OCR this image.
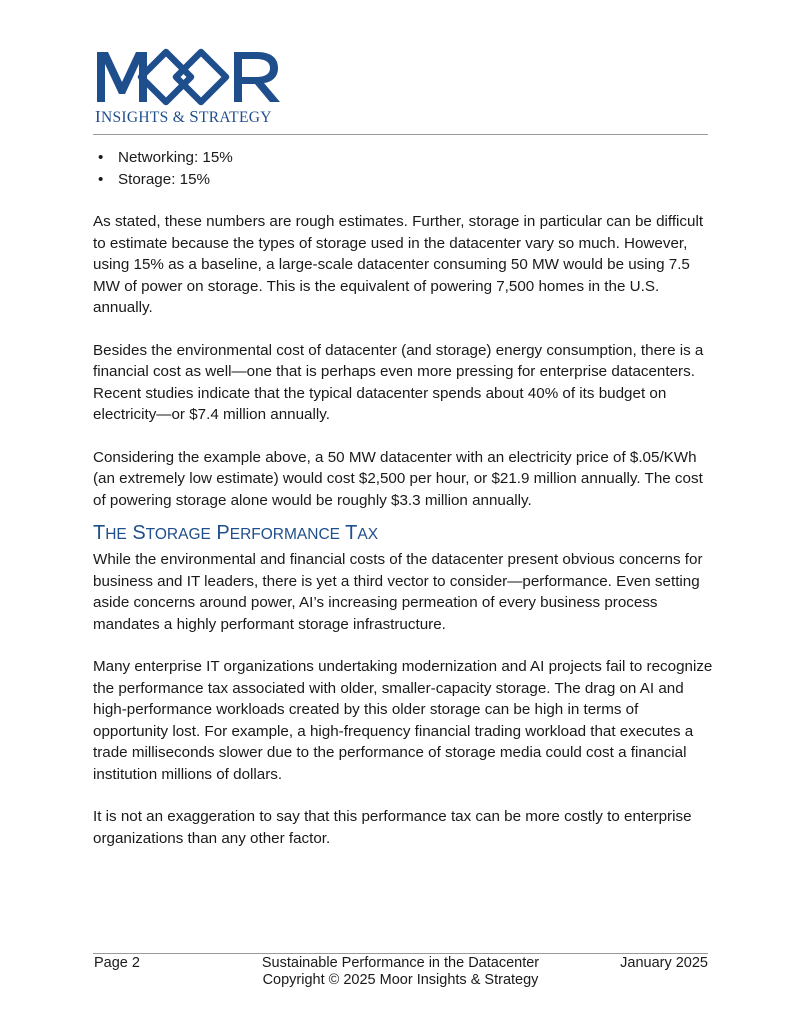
INSIGHTS & STRATEGY
• Networking: 15%
• Storage: 15%

As stated, these numbers are rough estimates. Further, storage in particular can be difficult to estimate because the types of storage used in the datacenter vary so much. However, using 15% as a baseline, a large-scale datacenter consuming 50 MW would be using 7.5 MW of power on storage. This is the equivalent of powering 7,500 homes in the U.S. annually.

Besides the environmental cost of datacenter (and storage) energy consumption, there is a financial cost as well—one that is perhaps even more pressing for enterprise datacenters. Recent studies indicate that the typical datacenter spends about 40% of its budget on electricity—or $7.4 million annually.

Considering the example above, a 50 MW datacenter with an electricity price of $.05/KWh (an extremely low estimate) would cost $2,500 per hour, or $21.9 million annually. The cost of powering storage alone would be roughly $3.3 million annually.

THE STORAGE PERFORMANCE TAX

While the environmental and financial costs of the datacenter present obvious concerns for business and IT leaders, there is yet a third vector to consider—performance. Even setting aside concerns around power, AI’s increasing permeation of every business process mandates a highly performant storage infrastructure.

Many enterprise IT organizations undertaking modernization and AI projects fail to recognize the performance tax associated with older, smaller-capacity storage. The drag on AI and high-performance workloads created by this older storage can be high in terms of opportunity lost. For example, a high-frequency financial trading workload that executes a trade milliseconds slower due to the performance of storage media could cost a financial institution millions of dollars.

It is not an exaggeration to say that this performance tax can be more costly to enterprise organizations than any other factor.

Page 2	Sustainable Performance in the Datacenter
Copyright © 2025 Moor Insights & Strategy
January 2025
